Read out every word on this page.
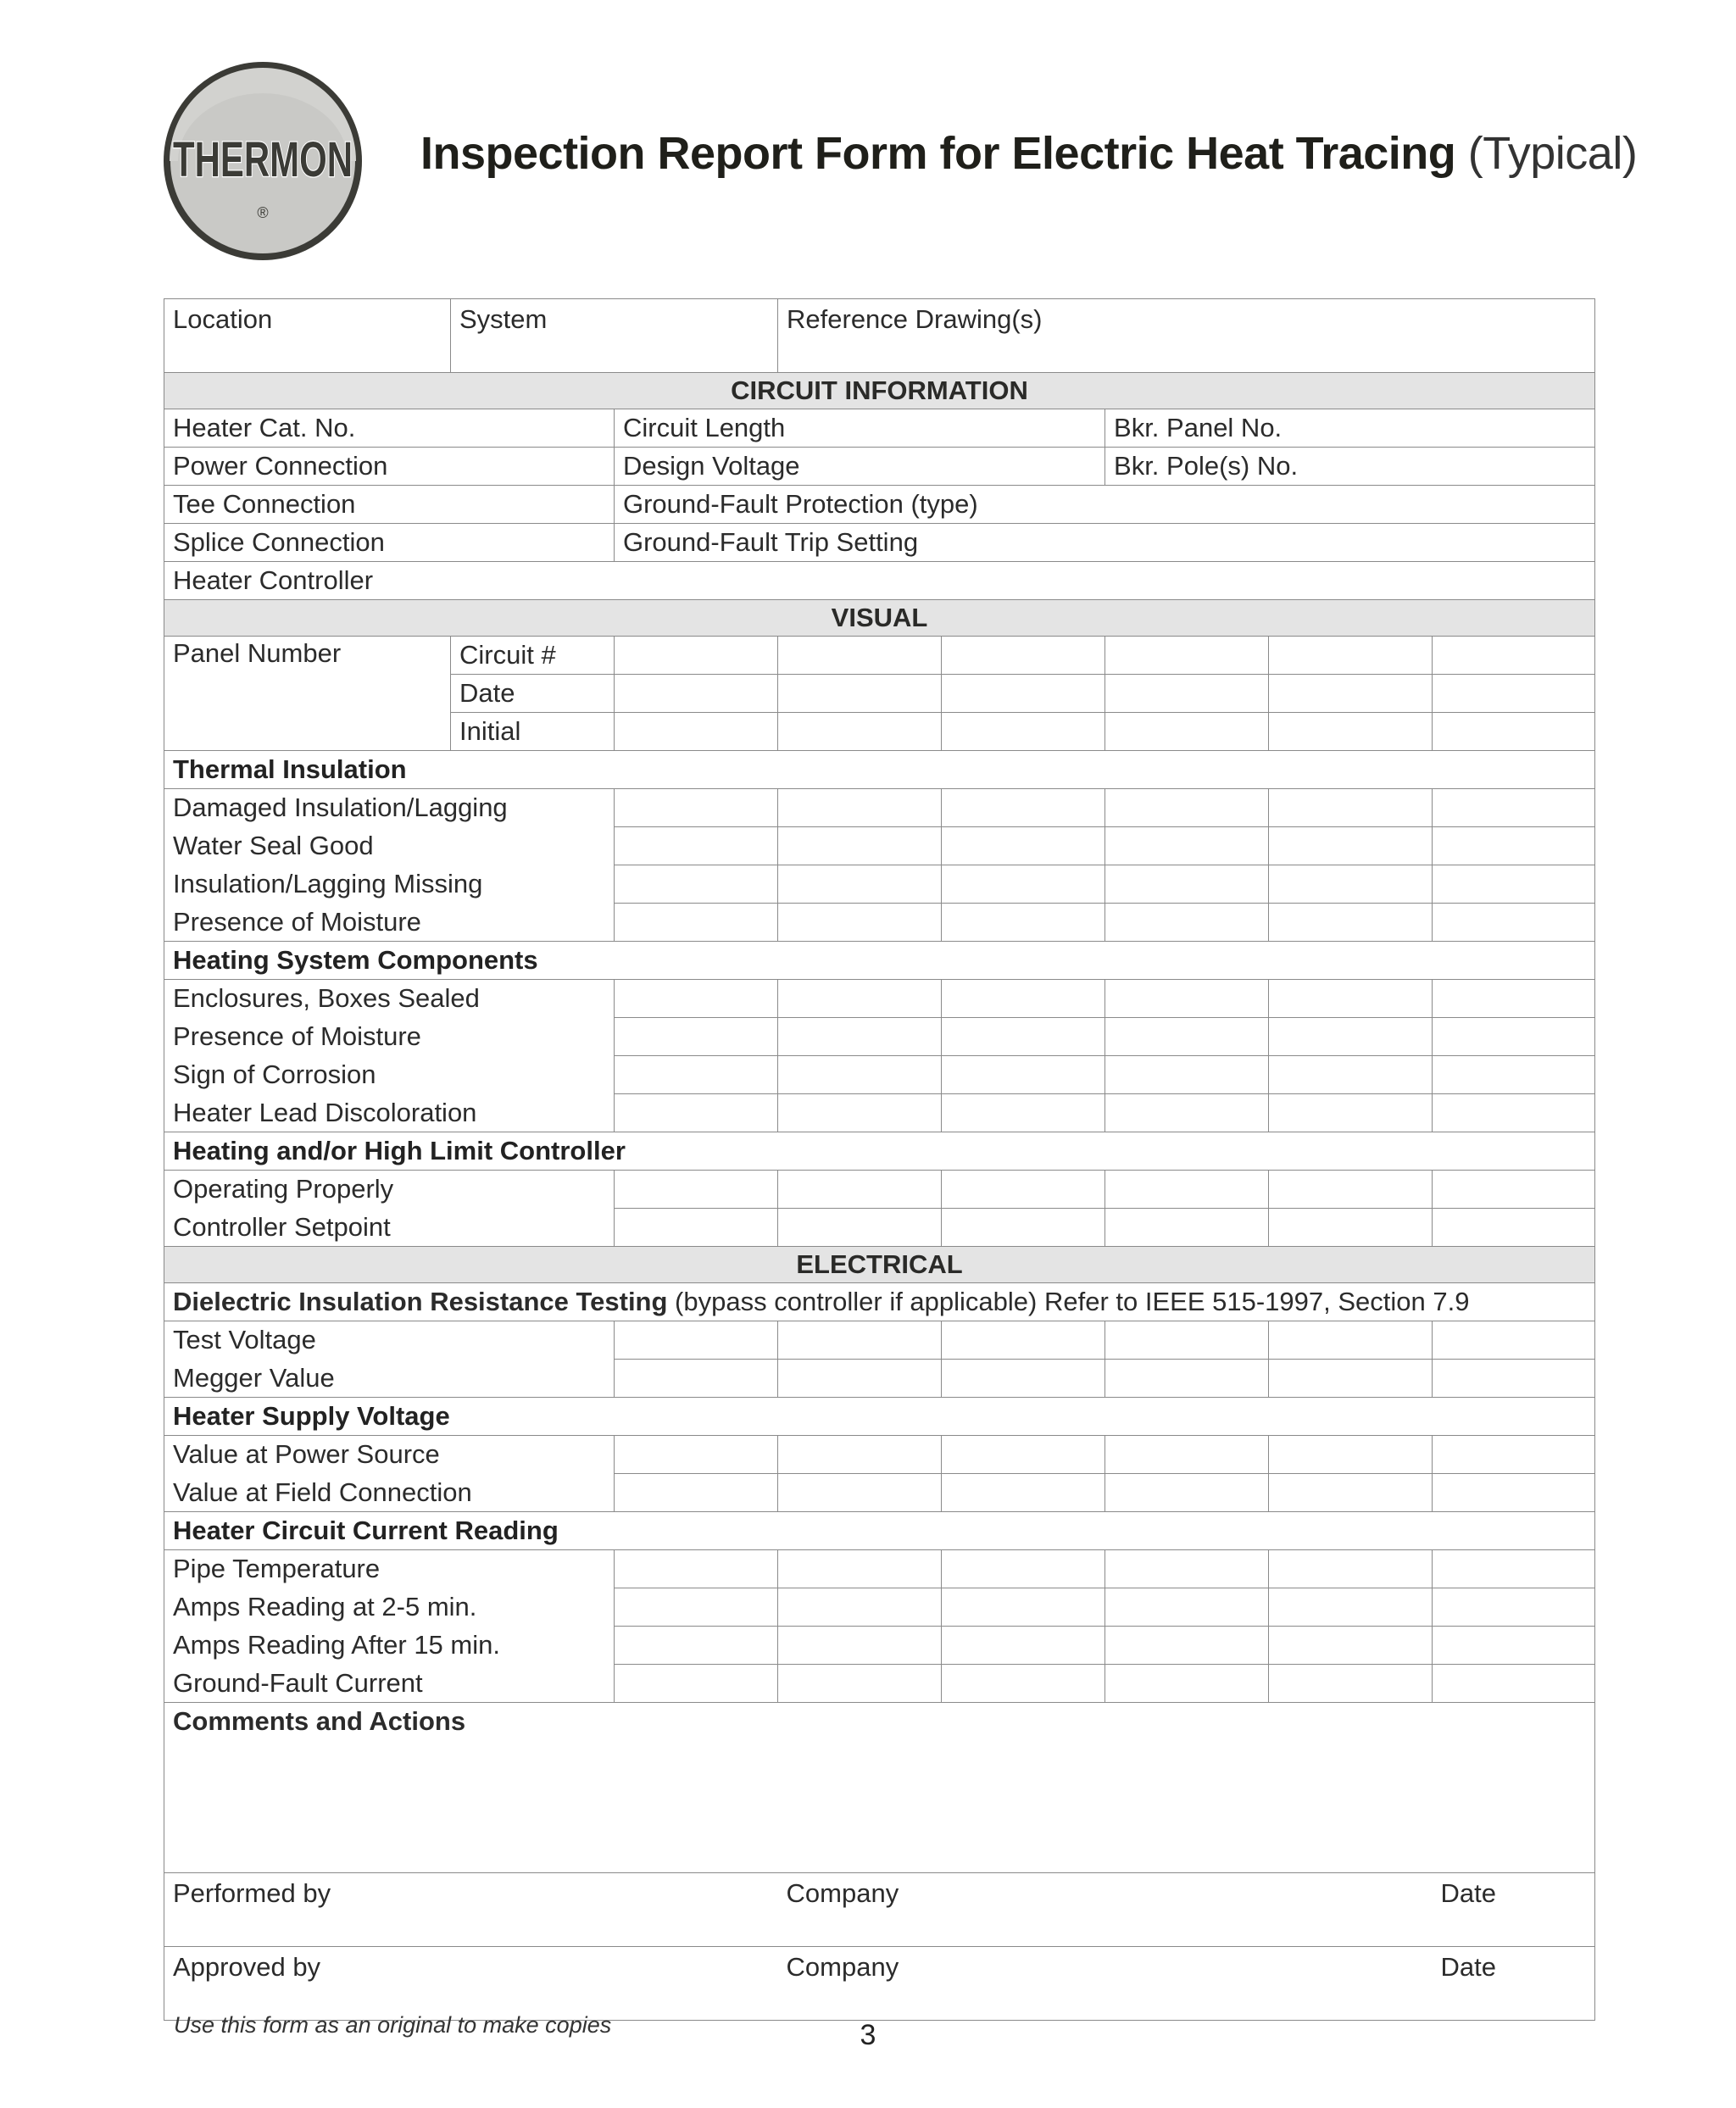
THERMON
®
Inspection Report Form for Electric Heat Tracing (Typical)
Location	System		Reference Drawing(s)				
CIRCUIT INFORMATION							
Heater Cat. No.		Circuit Length			Bkr. Panel No.		
Power Connection		Design Voltage			Bkr. Pole(s) No.		
Tee Connection		Ground-Fault Protection (type)					
Splice Connection		Ground-Fault Trip Setting					
Heater Controller							
VISUAL							
Panel Number	Circuit #						
	Date						
	Initial						
Thermal Insulation							
Damaged Insulation/Lagging							
Water Seal Good							
Insulation/Lagging Missing							
Presence of Moisture							
Heating System Components							
Enclosures, Boxes Sealed							
Presence of Moisture							
Sign of Corrosion							
Heater Lead Discoloration							
Heating and/or High Limit Controller							
Operating Properly							
Controller Setpoint							
ELECTRICAL							
Dielectric Insulation Resistance Testing (bypass controller if applicable) Refer to IEEE 515-1997, Section 7.9							
Test Voltage							
Megger Value							
Heater Supply Voltage							
Value at Power Source							
Value at Field Connection							
Heater Circuit Current Reading							
Pipe Temperature							
Amps Reading at 2-5 min.							
Amps Reading After 15 min.							
Ground-Fault Current							
Comments and Actions							
Performed by			Company				Date
Approved by			Company				Date
Use this form as an original to make copies	3
